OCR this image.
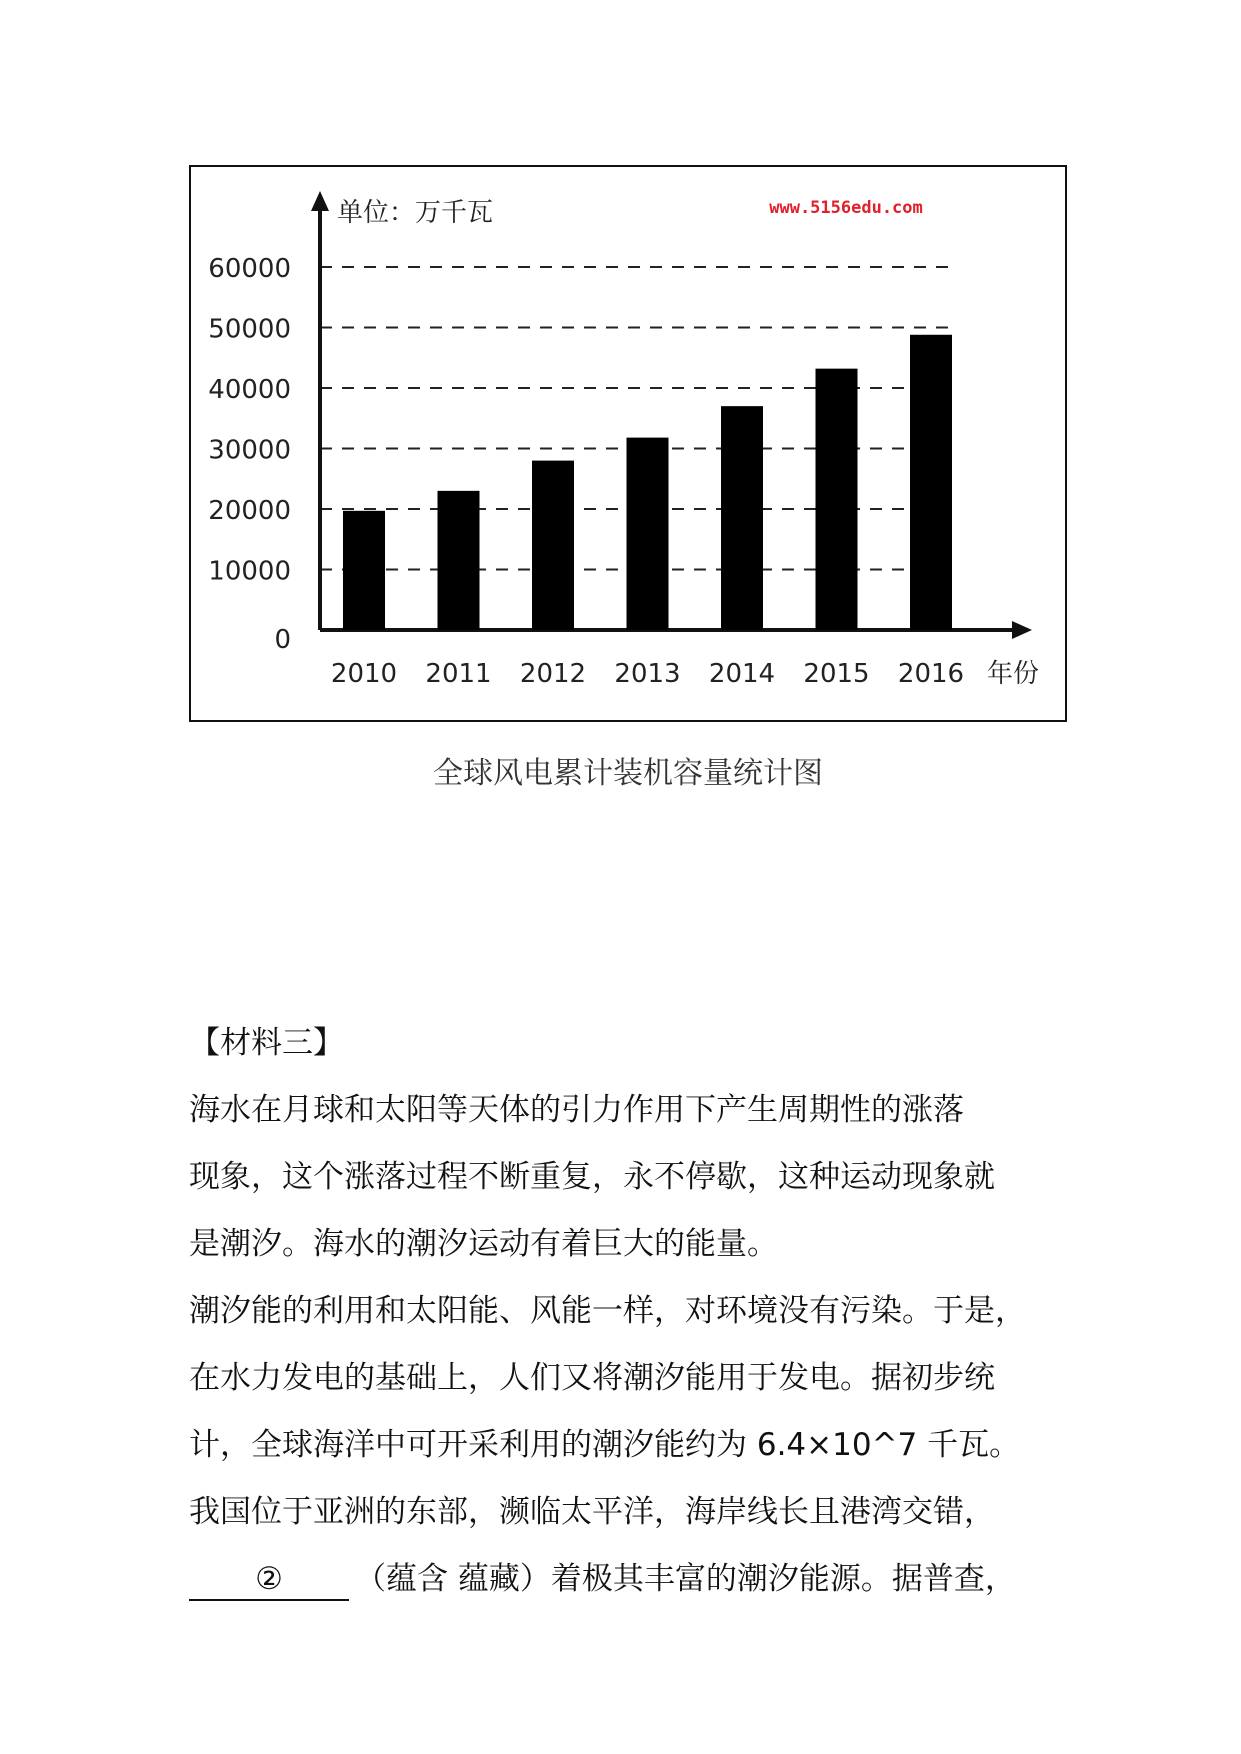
0
10000
20000
30000
40000
50000
60000
单位：万千瓦	www.5156edu.com
年份
2010 2011 2012 2013 2014 2015 2016
全球风电累计装机容量统计图

【材料三】

海水在月球和太阳等天体的引力作用下产生周期性的涨落

现象，这个涨落过程不断重复，永不停歇，这种运动现象就

是潮汐。海水的潮汐运动有着巨大的能量。

潮汐能的利用和太阳能、风能一样，对环境没有污染。于是，

在水力发电的基础上，人们又将潮汐能用于发电。据初步统

计，全球海洋中可开采利用的潮汐能约为 6.4×10^7 千瓦。

我国位于亚洲的东部，濒临太平洋，海岸线长且港湾交错，

② （蕴含 蕴藏）着极其丰富的潮汐能源。据普查，
